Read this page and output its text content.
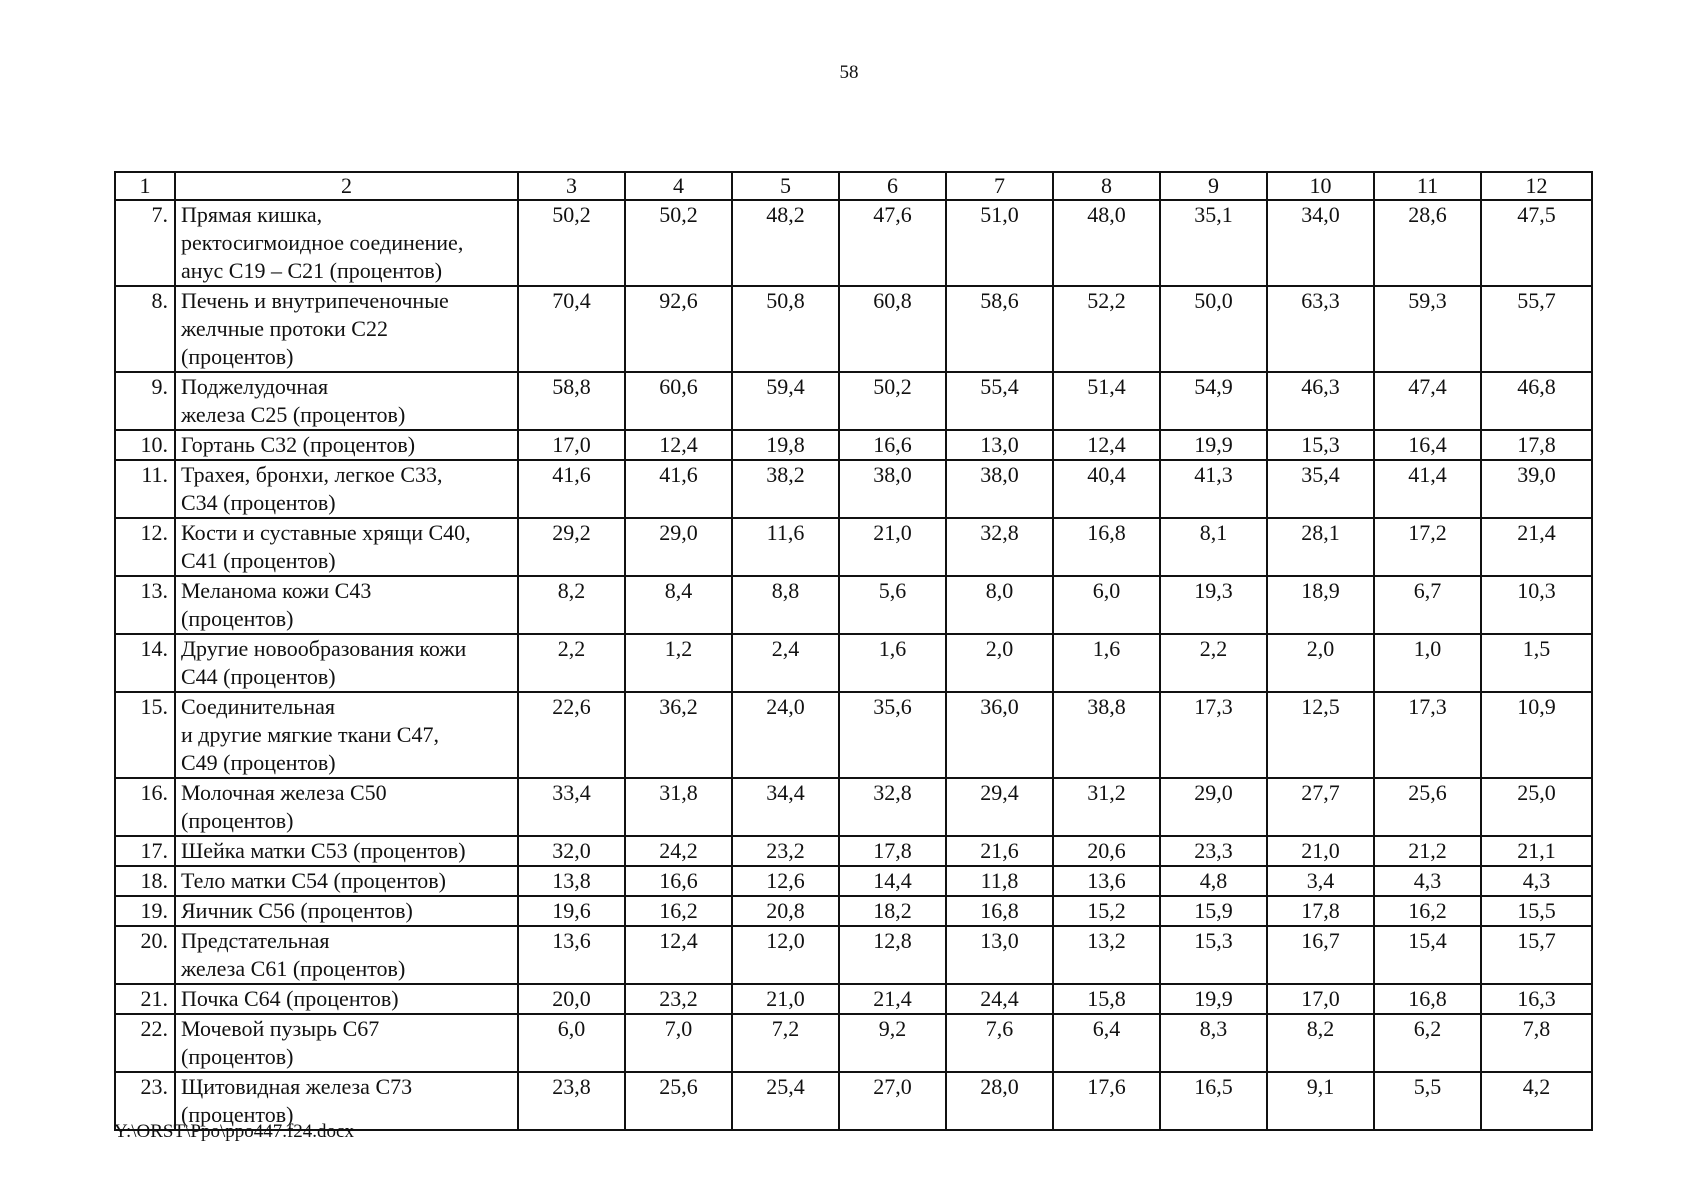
58
1	2	3	4	5	6	7	8	9	10	11	12
7.	Прямая кишка,
ректосигмоидное соединение,
анус С19 – С21 (процентов)	50,2	50,2	48,2	47,6	51,0	48,0	35,1	34,0	28,6	47,5
8.	Печень и внутрипеченочные
желчные протоки С22
(процентов)	70,4	92,6	50,8	60,8	58,6	52,2	50,0	63,3	59,3	55,7
9.	Поджелудочная
железа С25 (процентов)	58,8	60,6	59,4	50,2	55,4	51,4	54,9	46,3	47,4	46,8
10.	Гортань С32 (процентов)	17,0	12,4	19,8	16,6	13,0	12,4	19,9	15,3	16,4	17,8
11.	Трахея, бронхи, легкое С33,
С34 (процентов)	41,6	41,6	38,2	38,0	38,0	40,4	41,3	35,4	41,4	39,0
12.	Кости и суставные хрящи С40,
С41 (процентов)	29,2	29,0	11,6	21,0	32,8	16,8	8,1	28,1	17,2	21,4
13.	Меланома кожи С43
(процентов)	8,2	8,4	8,8	5,6	8,0	6,0	19,3	18,9	6,7	10,3
14.	Другие новообразования кожи
С44 (процентов)	2,2	1,2	2,4	1,6	2,0	1,6	2,2	2,0	1,0	1,5
15.	Соединительная
и другие мягкие ткани С47,
С49 (процентов)	22,6	36,2	24,0	35,6	36,0	38,8	17,3	12,5	17,3	10,9
16.	Молочная железа С50
(процентов)	33,4	31,8	34,4	32,8	29,4	31,2	29,0	27,7	25,6	25,0
17.	Шейка матки С53 (процентов)	32,0	24,2	23,2	17,8	21,6	20,6	23,3	21,0	21,2	21,1
18.	Тело матки С54 (процентов)	13,8	16,6	12,6	14,4	11,8	13,6	4,8	3,4	4,3	4,3
19.	Яичник С56 (процентов)	19,6	16,2	20,8	18,2	16,8	15,2	15,9	17,8	16,2	15,5
20.	Предстательная
железа С61 (процентов)	13,6	12,4	12,0	12,8	13,0	13,2	15,3	16,7	15,4	15,7
21.	Почка С64 (процентов)	20,0	23,2	21,0	21,4	24,4	15,8	19,9	17,0	16,8	16,3
22.	Мочевой пузырь С67
(процентов)	6,0	7,0	7,2	9,2	7,6	6,4	8,3	8,2	6,2	7,8
23.	Щитовидная железа С73
(процентов)	23,8	25,6	25,4	27,0	28,0	17,6	16,5	9,1	5,5	4,2
Y:\ORST\Ppo\ppo447.f24.docx
